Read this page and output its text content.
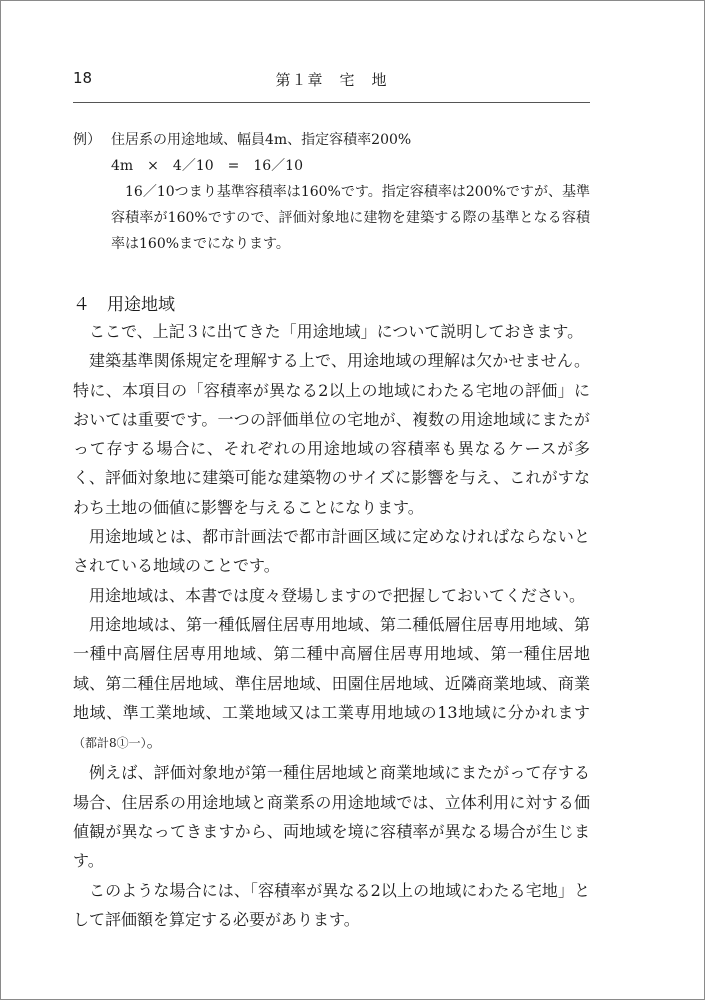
18	第１章　宅　地
例） 住居系の用途地域、幅員4m、指定容積率200%
4m　×　4／10　=　16／10
16／10つまり基準容積率は160%です。指定容積率は200%ですが、基準容積率が160%ですので、評価対象地に建物を建築する際の基準となる容積率は160%までになります。
４ 用途地域

ここで、上記３に出てきた「用途地域」について説明しておきます。

建築基準関係規定を理解する上で、用途地域の理解は欠かせません。特に、本項目の「容積率が異なる2以上の地域にわたる宅地の評価」においては重要です。一つの評価単位の宅地が、複数の用途地域にまたがって存する場合に、それぞれの用途地域の容積率も異なるケースが多く、評価対象地に建築可能な建築物のサイズに影響を与え、これがすなわち土地の価値に影響を与えることになります。

用途地域とは、都市計画法で都市計画区域に定めなければならないとされている地域のことです。

用途地域は、本書では度々登場しますので把握しておいてください。

用途地域は、第一種低層住居専用地域、第二種低層住居専用地域、第一種中高層住居専用地域、第二種中高層住居専用地域、第一種住居地域、第二種住居地域、準住居地域、田園住居地域、近隣商業地域、商業地域、準工業地域、工業地域又は工業専用地域の13地域に分かれます（都計8①一）。

例えば、評価対象地が第一種住居地域と商業地域にまたがって存する場合、住居系の用途地域と商業系の用途地域では、立体利用に対する価値観が異なってきますから、両地域を境に容積率が異なる場合が生じます。

このような場合には、「容積率が異なる2以上の地域にわたる宅地」として評価額を算定する必要があります。
